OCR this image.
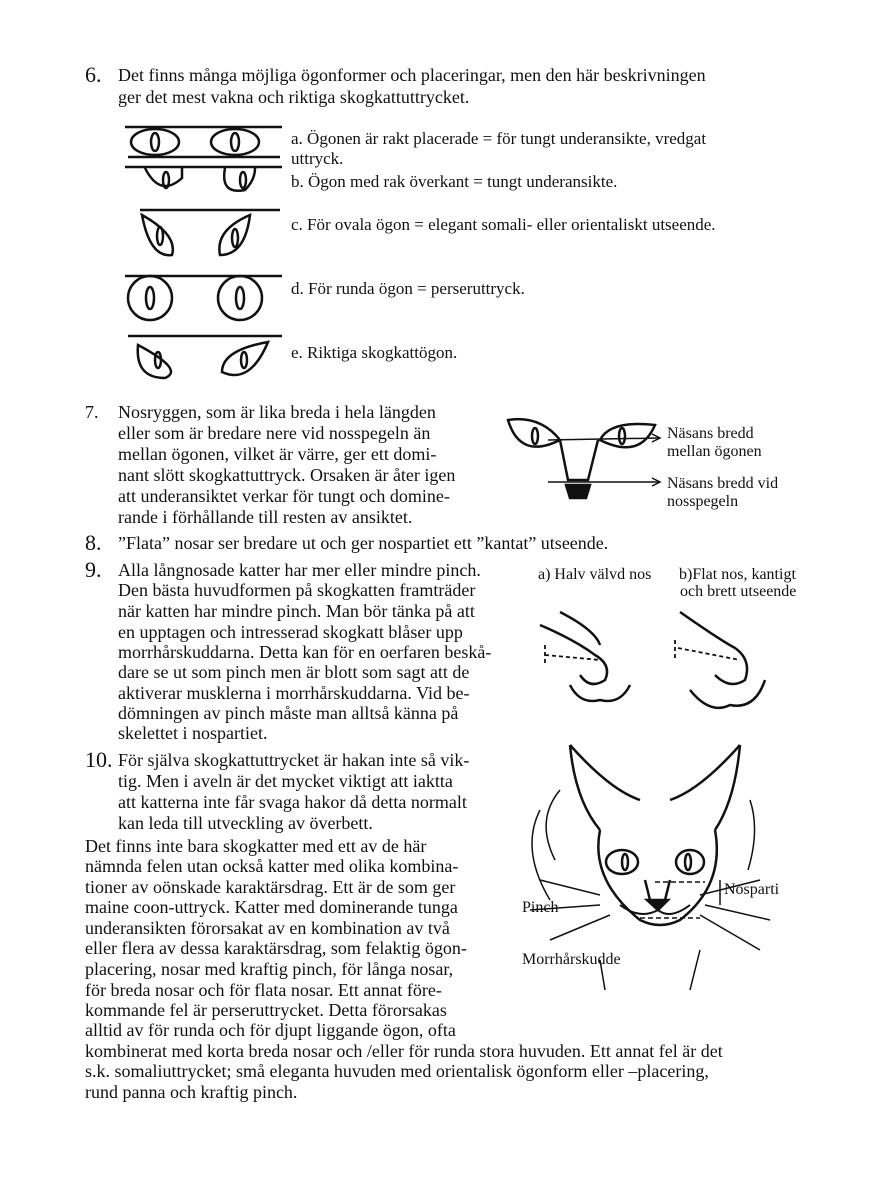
6. Det finns många möjliga ögonformer och placeringar, men den här beskrivningen
ger det mest vakna och riktiga skogkattuttrycket.
a. Ögonen är rakt placerade = för tungt underansikte, vredgat
uttryck.
b. Ögon med rak överkant = tungt underansikte.
c. För ovala ögon = elegant somali- eller orientaliskt utseende.
d. För runda ögon = perseruttryck.
e. Riktiga skogkattögon.
7. Nosryggen, som är lika breda i hela längden
eller som är bredare nere vid nosspegeln än
mellan ögonen, vilket är värre, ger ett domi-
nant slött skogkattuttryck. Orsaken är åter igen
att underansiktet verkar för tungt och domine-
rande i förhållande till resten av ansiktet.
Näsans bredd
mellan ögonen
Näsans bredd vid
nosspegeln
8. ”Flata” nosar ser bredare ut och ger nospartiet ett ”kantat” utseende.
9. Alla långnosade katter har mer eller mindre pinch.
Den bästa huvudformen på skogkatten framträder
när katten har mindre pinch. Man bör tänka på att
en upptagen och intresserad skogkatt blåser upp
morrhårskuddarna. Detta kan för en oerfaren beskå-
dare se ut som pinch men är blott som sagt att de
aktiverar musklerna i morrhårskuddarna. Vid be-
dömningen av pinch måste man alltså känna på
skelettet i nospartiet.
a) Halv välvd nos b)Flat nos, kantigt
och brett utseende
10. För själva skogkattuttrycket är hakan inte så vik-
tig. Men i aveln är det mycket viktigt att iaktta
att katterna inte får svaga hakor då detta normalt
kan leda till utveckling av överbett.
Nosparti
Pinch
Morrhårskudde
Det finns inte bara skogkatter med ett av de här
nämnda felen utan också katter med olika kombina-
tioner av oönskade karaktärsdrag. Ett är de som ger
maine coon-uttryck. Katter med dominerande tunga
underansikten förorsakat av en kombination av två
eller flera av dessa karaktärsdrag, som felaktig ögon-
placering, nosar med kraftig pinch, för långa nosar,
för breda nosar och för flata nosar. Ett annat före-
kommande fel är perseruttrycket. Detta förorsakas
alltid av för runda och för djupt liggande ögon, ofta
kombinerat med korta breda nosar och /eller för runda stora huvuden. Ett annat fel är det
s.k. somaliuttrycket; små eleganta huvuden med orientalisk ögonform eller –placering,
rund panna och kraftig pinch.
